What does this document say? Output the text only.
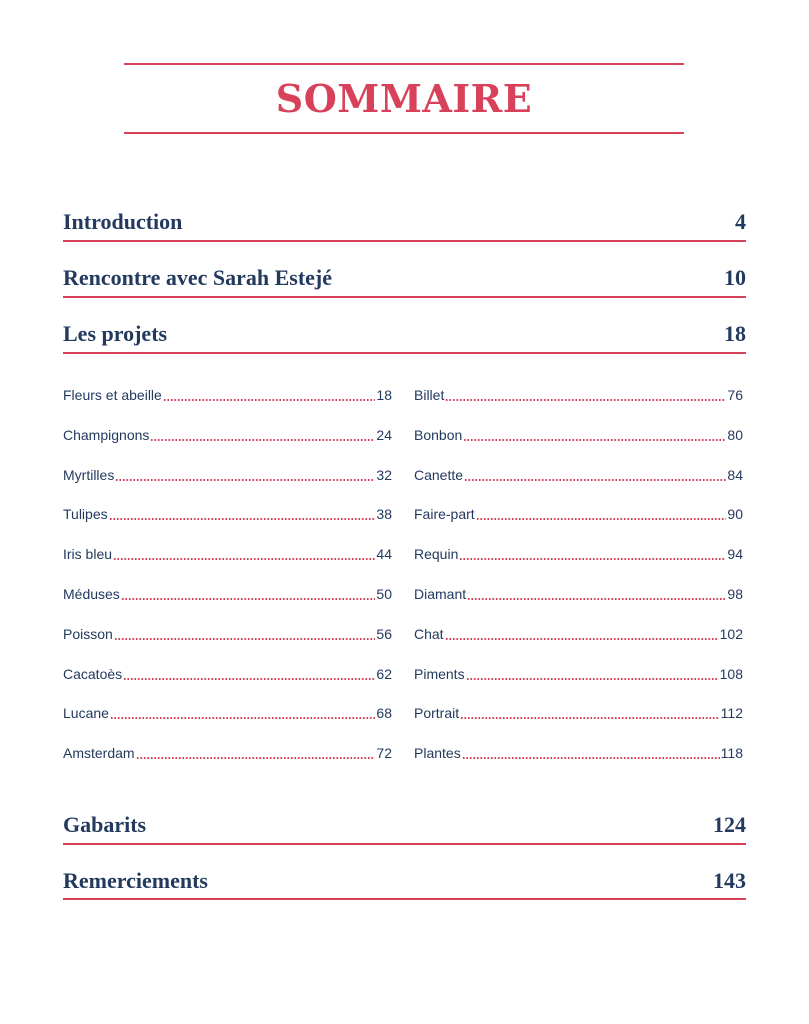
SOMMAIRE
Introduction	4
Rencontre avec Sarah Estejé	10
Les projets	18
Fleurs et abeille	18
Champignons	24
Myrtilles	32
Tulipes	38
Iris bleu	44
Méduses	50
Poisson	56
Cacatoès	62
Lucane	68
Amsterdam	72
Billet	76
Bonbon	80
Canette	84
Faire-part	90
Requin	94
Diamant	98
Chat	102
Piments	108
Portrait	112
Plantes	118
Gabarits	124
Remerciements	143
